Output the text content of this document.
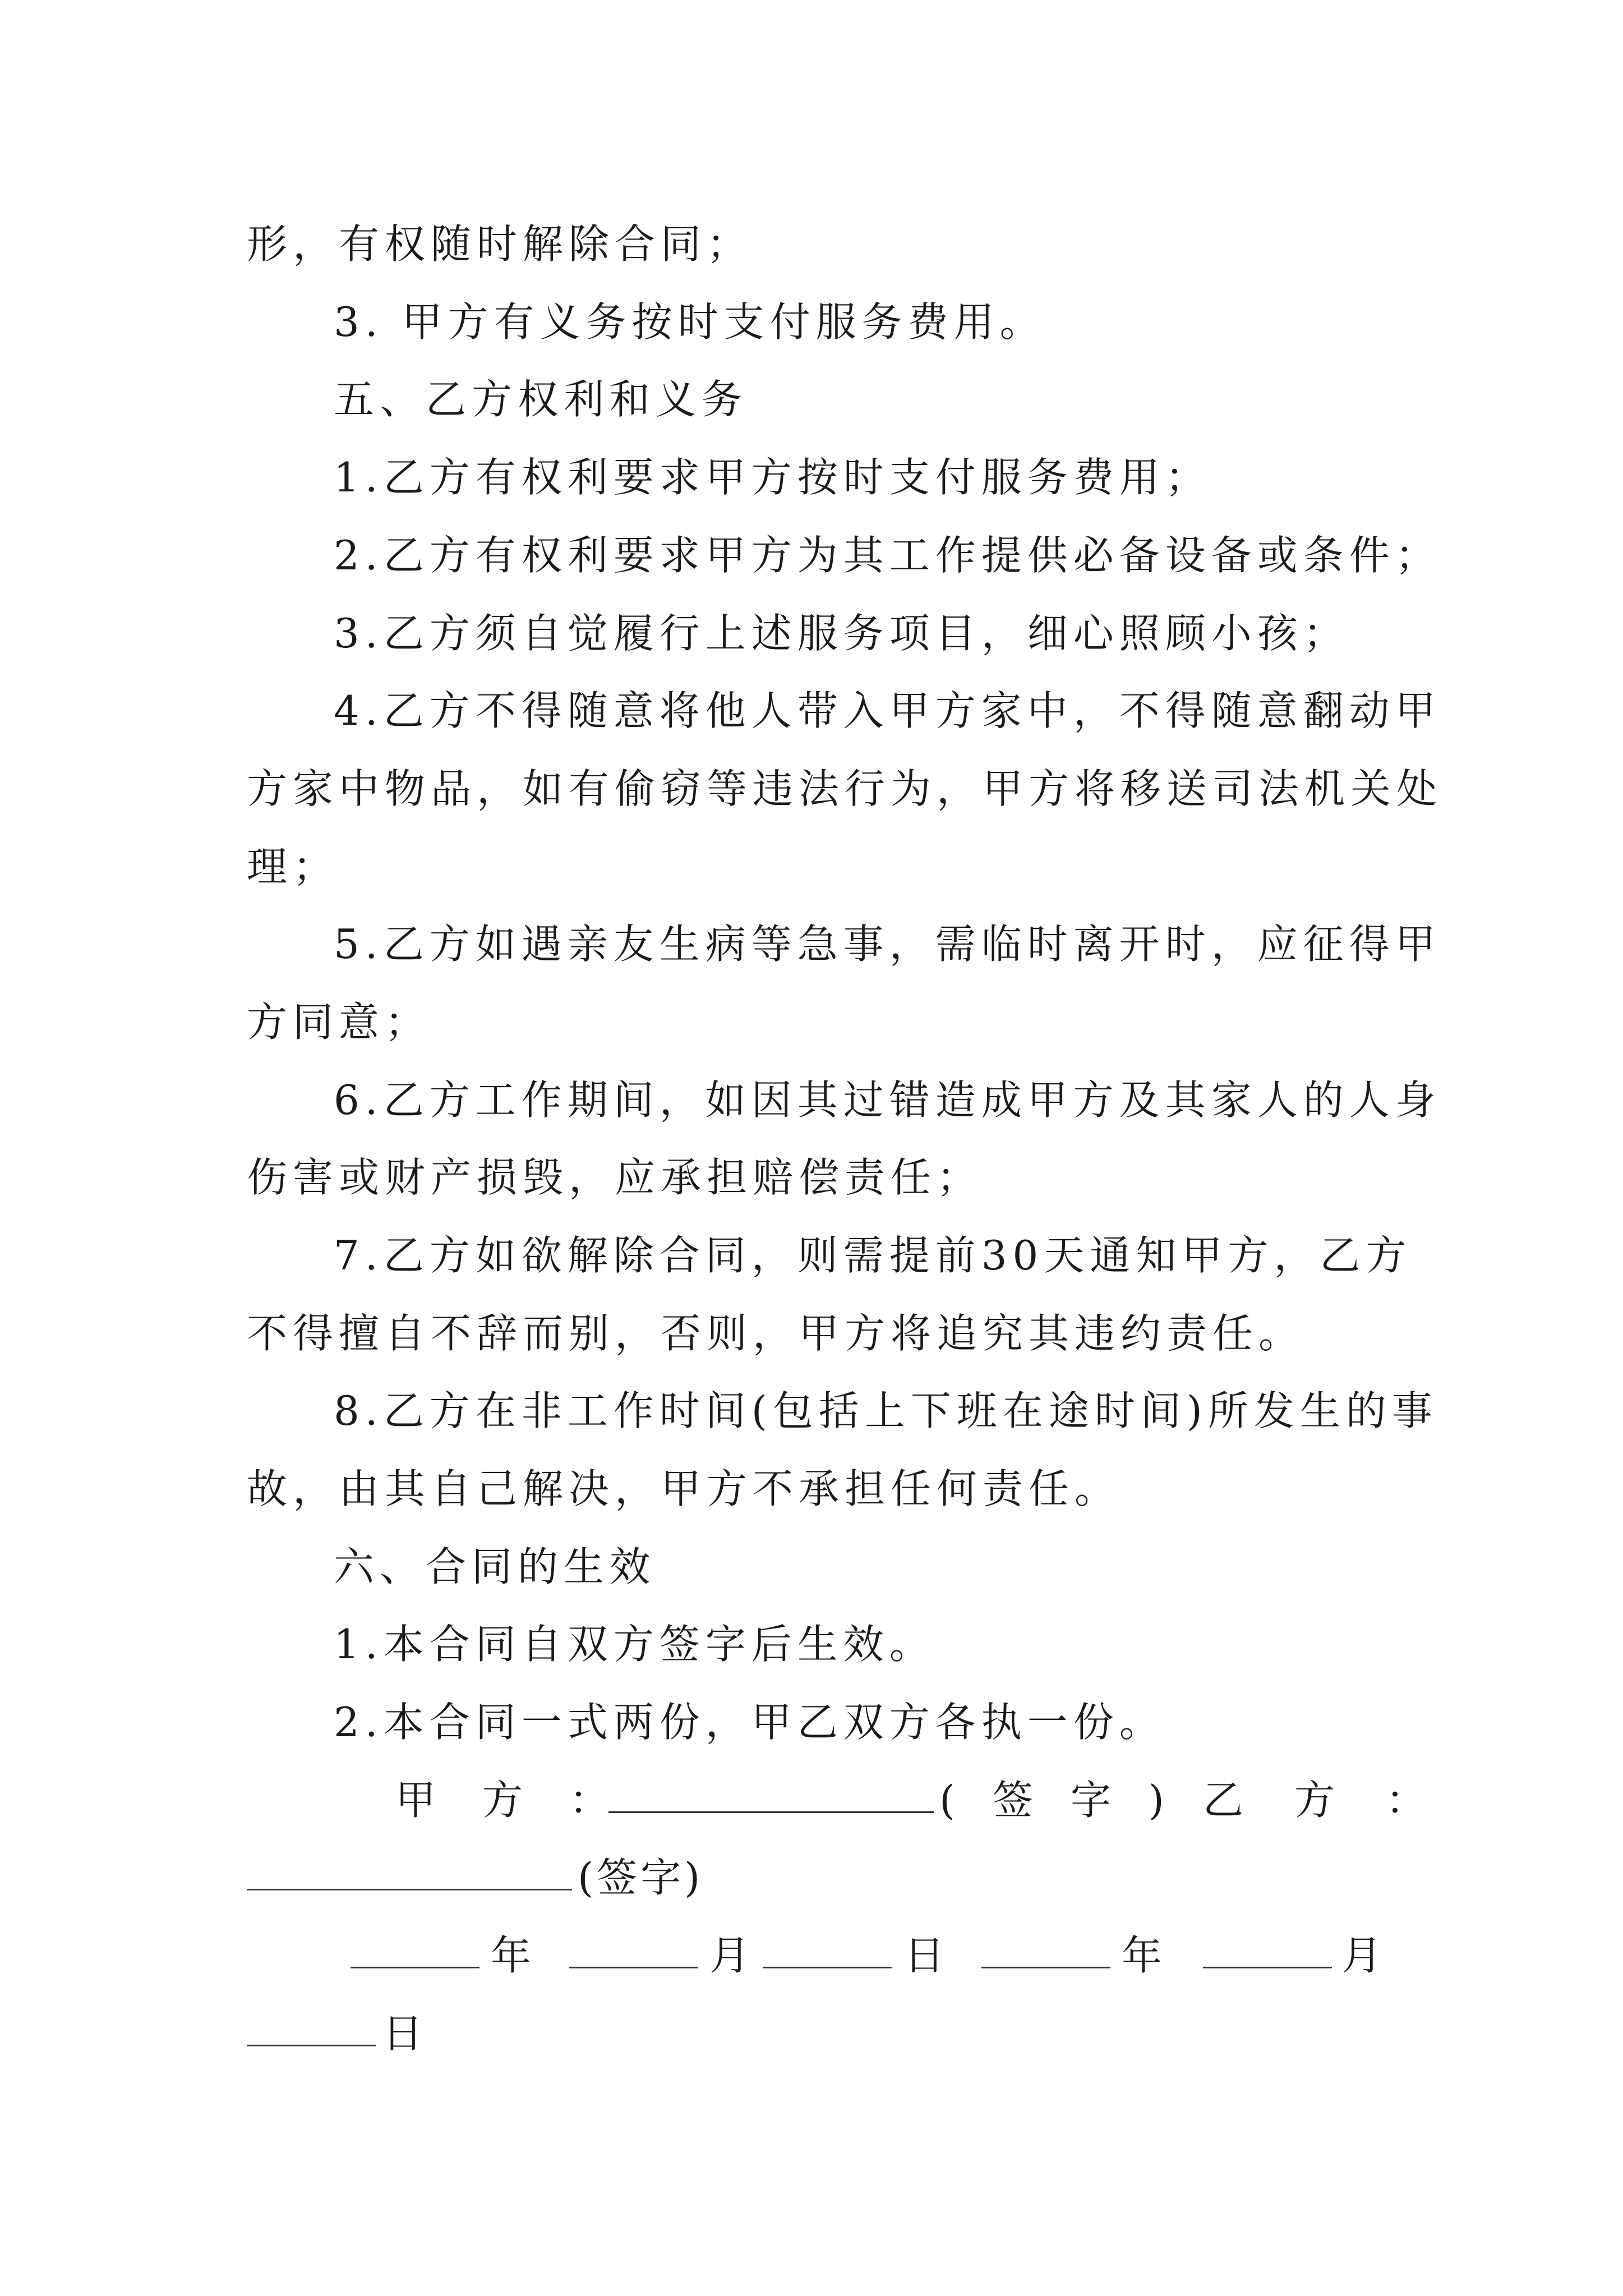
形，有权随时解除合同；
3. 甲方有义务按时支付服务费用。
五、乙方权利和义务
1.乙方有权利要求甲方按时支付服务费用；
2.乙方有权利要求甲方为其工作提供必备设备或条件；
3.乙方须自觉履行上述服务项目，细心照顾小孩；
4.乙方不得随意将他人带入甲方家中，不得随意翻动甲
方家中物品，如有偷窃等违法行为，甲方将移送司法机关处
理；
5.乙方如遇亲友生病等急事，需临时离开时，应征得甲
方同意；
6.乙方工作期间，如因其过错造成甲方及其家人的人身
伤害或财产损毁，应承担赔偿责任；
7.乙方如欲解除合同，则需提前30天通知甲方，乙方
不得擅自不辞而别，否则，甲方将追究其违约责任。
8.乙方在非工作时间(包括上下班在途时间)所发生的事
故，由其自己解决，甲方不承担任何责任。
六、合同的生效
1.本合同自双方签字后生效。
2.本合同一式两份，甲乙双方各执一份。
甲 方 ：	( 签 字 ) 乙 方 ：
(签字)
年	月	日	年	月
日
